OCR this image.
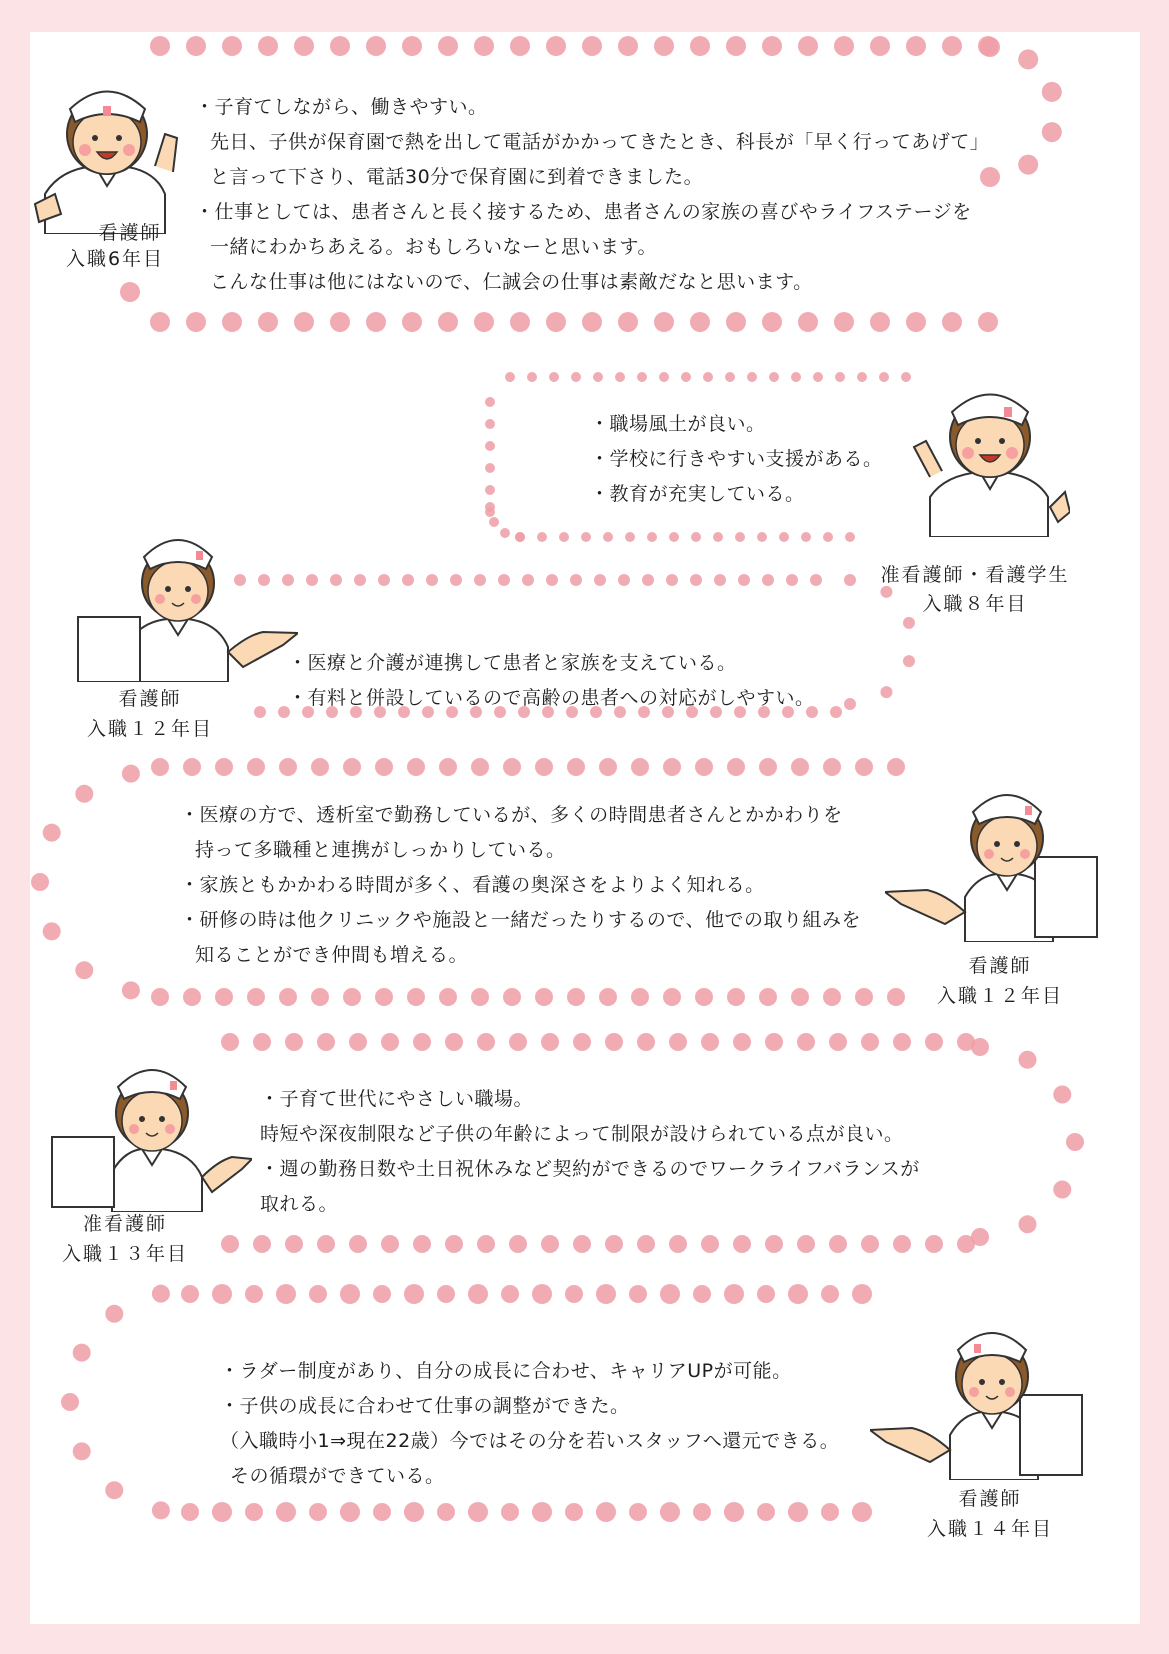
看護師
入職6年目
・子育てしながら、働きやすい。
先日、子供が保育園で熱を出して電話がかかってきたとき、科長が「早く行ってあげて」
と言って下さり、電話30分で保育園に到着できました。
・仕事としては、患者さんと長く接するため、患者さんの家族の喜びやライフステージを
一緒にわかちあえる。おもしろいなーと思います。
こんな仕事は他にはないので、仁誠会の仕事は素敵だなと思います。
准看護師・看護学生
入職８年目
・職場風土が良い。
・学校に行きやすい支援がある。
・教育が充実している。
看護師
入職１２年目
・医療と介護が連携して患者と家族を支えている。
・有料と併設しているので高齢の患者への対応がしやすい。
看護師
入職１２年目
・医療の方で、透析室で勤務しているが、多くの時間患者さんとかかわりを
持って多職種と連携がしっかりしている。
・家族ともかかわる時間が多く、看護の奥深さをよりよく知れる。
・研修の時は他クリニックや施設と一緒だったりするので、他での取り組みを
知ることができ仲間も増える。
准看護師
入職１３年目
・子育て世代にやさしい職場。
時短や深夜制限など子供の年齢によって制限が設けられている点が良い。
・週の勤務日数や土日祝休みなど契約ができるのでワークライフバランスが
取れる。
看護師
入職１４年目
・ラダー制度があり、自分の成長に合わせ、キャリアUPが可能。
・子供の成長に合わせて仕事の調整ができた。
（入職時小1⇒現在22歳）今ではその分を若いスタッフへ還元できる。
その循環ができている。
